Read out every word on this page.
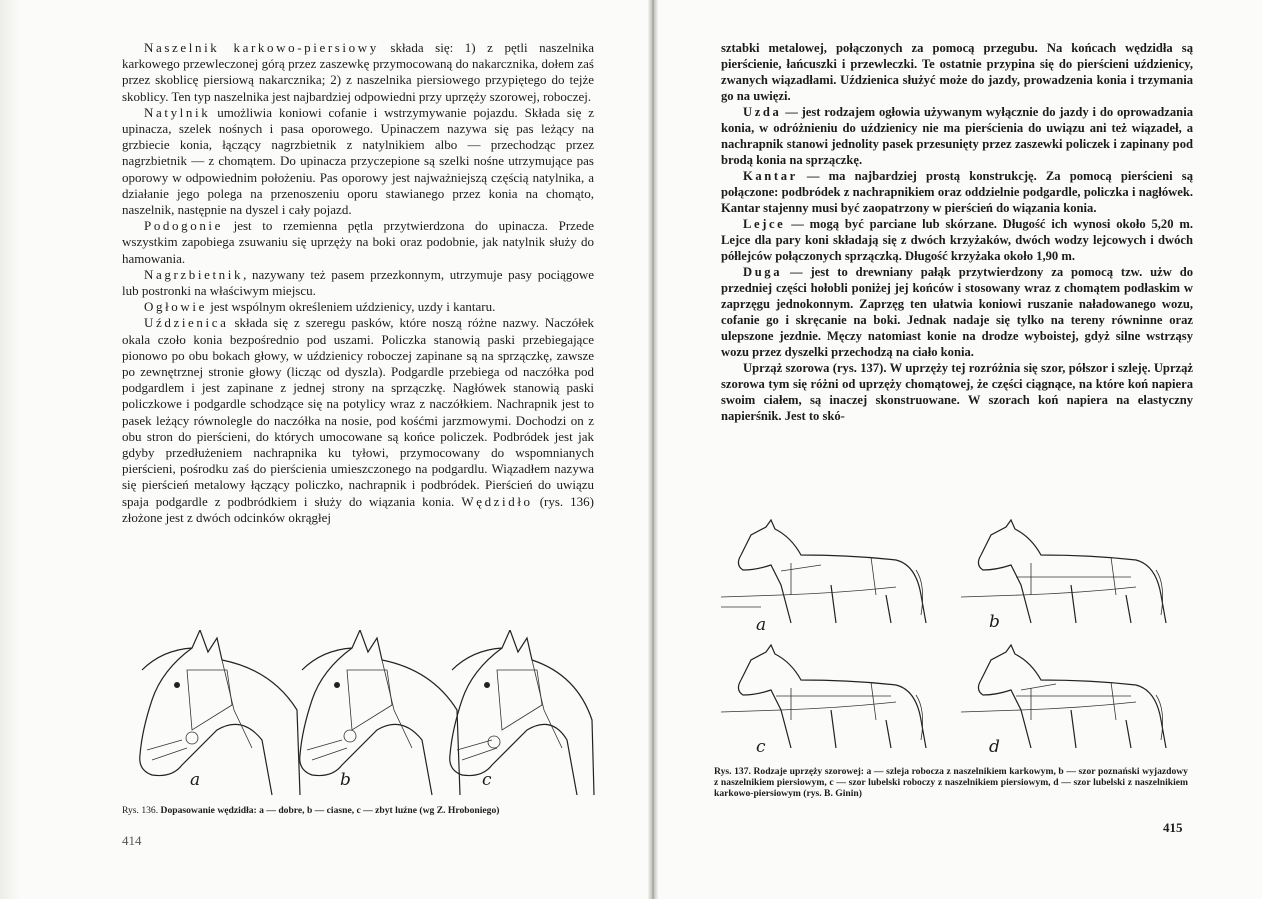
Naszelnik karkowo-piersiowy składa się: 1) z pętli naszelnika karkowego przewleczonej górą przez zaszewkę przymocowaną do nakarcznika, dołem zaś przez skoblicę piersiową nakarcznika; 2) z naszelnika piersiowego przypiętego do tejże skoblicy. Ten typ naszelnika jest najbardziej odpowiedni przy uprzęży szorowej, roboczej.

Natylnik umożliwia koniowi cofanie i wstrzymywanie pojazdu. Składa się z upinacza, szelek nośnych i pasa oporowego. Upinaczem nazywa się pas leżący na grzbiecie konia, łączący nagrzbietnik z natylnikiem albo — przechodząc przez nagrzbietnik — z chomątem. Do upinacza przyczepione są szelki nośne utrzymujące pas oporowy w odpowiednim położeniu. Pas oporowy jest najważniejszą częścią natylnika, a działanie jego polega na przenoszeniu oporu stawianego przez konia na chomąto, naszelnik, następnie na dyszel i cały pojazd.

Podogonie jest to rzemienna pętla przytwierdzona do upinacza. Przede wszystkim zapobiega zsuwaniu się uprzęży na boki oraz podobnie, jak natylnik służy do hamowania.

Nagrzbietnik, nazywany też pasem przezkonnym, utrzymuje pasy pociągowe lub postronki na właściwym miejscu.

Ogłowie jest wspólnym określeniem uździenicy, uzdy i kantaru.

Uździenica składa się z szeregu pasków, które noszą różne nazwy. Naczółek okala czoło konia bezpośrednio pod uszami. Policzka stanowią paski przebiegające pionowo po obu bokach głowy, w uździenicy roboczej zapinane są na sprzączkę, zawsze po zewnętrznej stronie głowy (licząc od dyszla). Podgardle przebiega od naczółka pod podgardlem i jest zapinane z jednej strony na sprzączkę. Nagłówek stanowią paski policzkowe i podgardle schodzące się na potylicy wraz z naczółkiem. Nachrapnik jest to pasek leżący równolegle do naczółka na nosie, pod kośćmi jarzmowymi. Dochodzi on z obu stron do pierścieni, do których umocowane są końce policzek. Podbródek jest jak gdyby przedłużeniem nachrapnika ku tyłowi, przymocowany do wspomnianych pierścieni, pośrodku zaś do pierścienia umieszczonego na podgardlu. Wiązadłem nazywa się pierścień metalowy łączący policzko, nachrapnik i podbródek. Pierścień do uwiązu spaja podgardle z podbródkiem i służy do wiązania konia. Wędzidło (rys. 136) złożone jest z dwóch odcinków okrągłej

a	b	c
Rys. 136. Dopasowanie wędzidła: a — dobre, b — ciasne, c — zbyt luźne (wg Z. Hroboniego)
414

sztabki metalowej, połączonych za pomocą przegubu. Na końcach wędzidła są pierścienie, łańcuszki i przewleczki. Te ostatnie przypina się do pierścieni uździenicy, zwanych wiązadłami. Uździenica służyć może do jazdy, prowadzenia konia i trzymania go na uwięzi.

Uzda — jest rodzajem ogłowia używanym wyłącznie do jazdy i do oprowadzania konia, w odróżnieniu do uździenicy nie ma pierścienia do uwiązu ani też wiązadeł, a nachrapnik stanowi jednolity pasek przesunięty przez zaszewki policzek i zapinany pod brodą konia na sprzączkę.

Kantar — ma najbardziej prostą konstrukcję. Za pomocą pierścieni są połączone: podbródek z nachrapnikiem oraz oddzielnie podgardle, policzka i nagłówek. Kantar stajenny musi być zaopatrzony w pierścień do wiązania konia.

Lejce — mogą być parciane lub skórzane. Długość ich wynosi około 5,20 m. Lejce dla pary koni składają się z dwóch krzyżaków, dwóch wodzy lejcowych i dwóch półlejców połączonych sprzączką. Długość krzyżaka około 1,90 m.

Duga — jest to drewniany pałąk przytwierdzony za pomocą tzw. użw do przedniej części hołobli poniżej jej końców i stosowany wraz z chomątem podłaskim w zaprzęgu jednokonnym. Zaprzęg ten ułatwia koniowi ruszanie naładowanego wozu, cofanie go i skręcanie na boki. Jednak nadaje się tylko na tereny równinne oraz ulepszone jezdnie. Męczy natomiast konie na drodze wyboistej, gdyż silne wstrząsy wozu przez dyszelki przechodzą na ciało konia.

Uprząż szorowa (rys. 137). W uprzęży tej rozróżnia się szor, półszor i szleję. Uprząż szorowa tym się różni od uprzęży chomątowej, że części ciągnące, na które koń napiera swoim ciałem, są inaczej skonstruowane. W szorach koń napiera na elastyczny napierśnik. Jest to skó-

a	b
c	d
Rys. 137. Rodzaje uprzęży szorowej: a — szleja robocza z naszelnikiem karkowym, b — szor poznański wyjazdowy z naszelnikiem piersiowym, c — szor lubelski roboczy z naszelnikiem piersiowym, d — szor lubelski z naszelnikiem karkowo-piersiowym (rys. B. Ginin)
415
